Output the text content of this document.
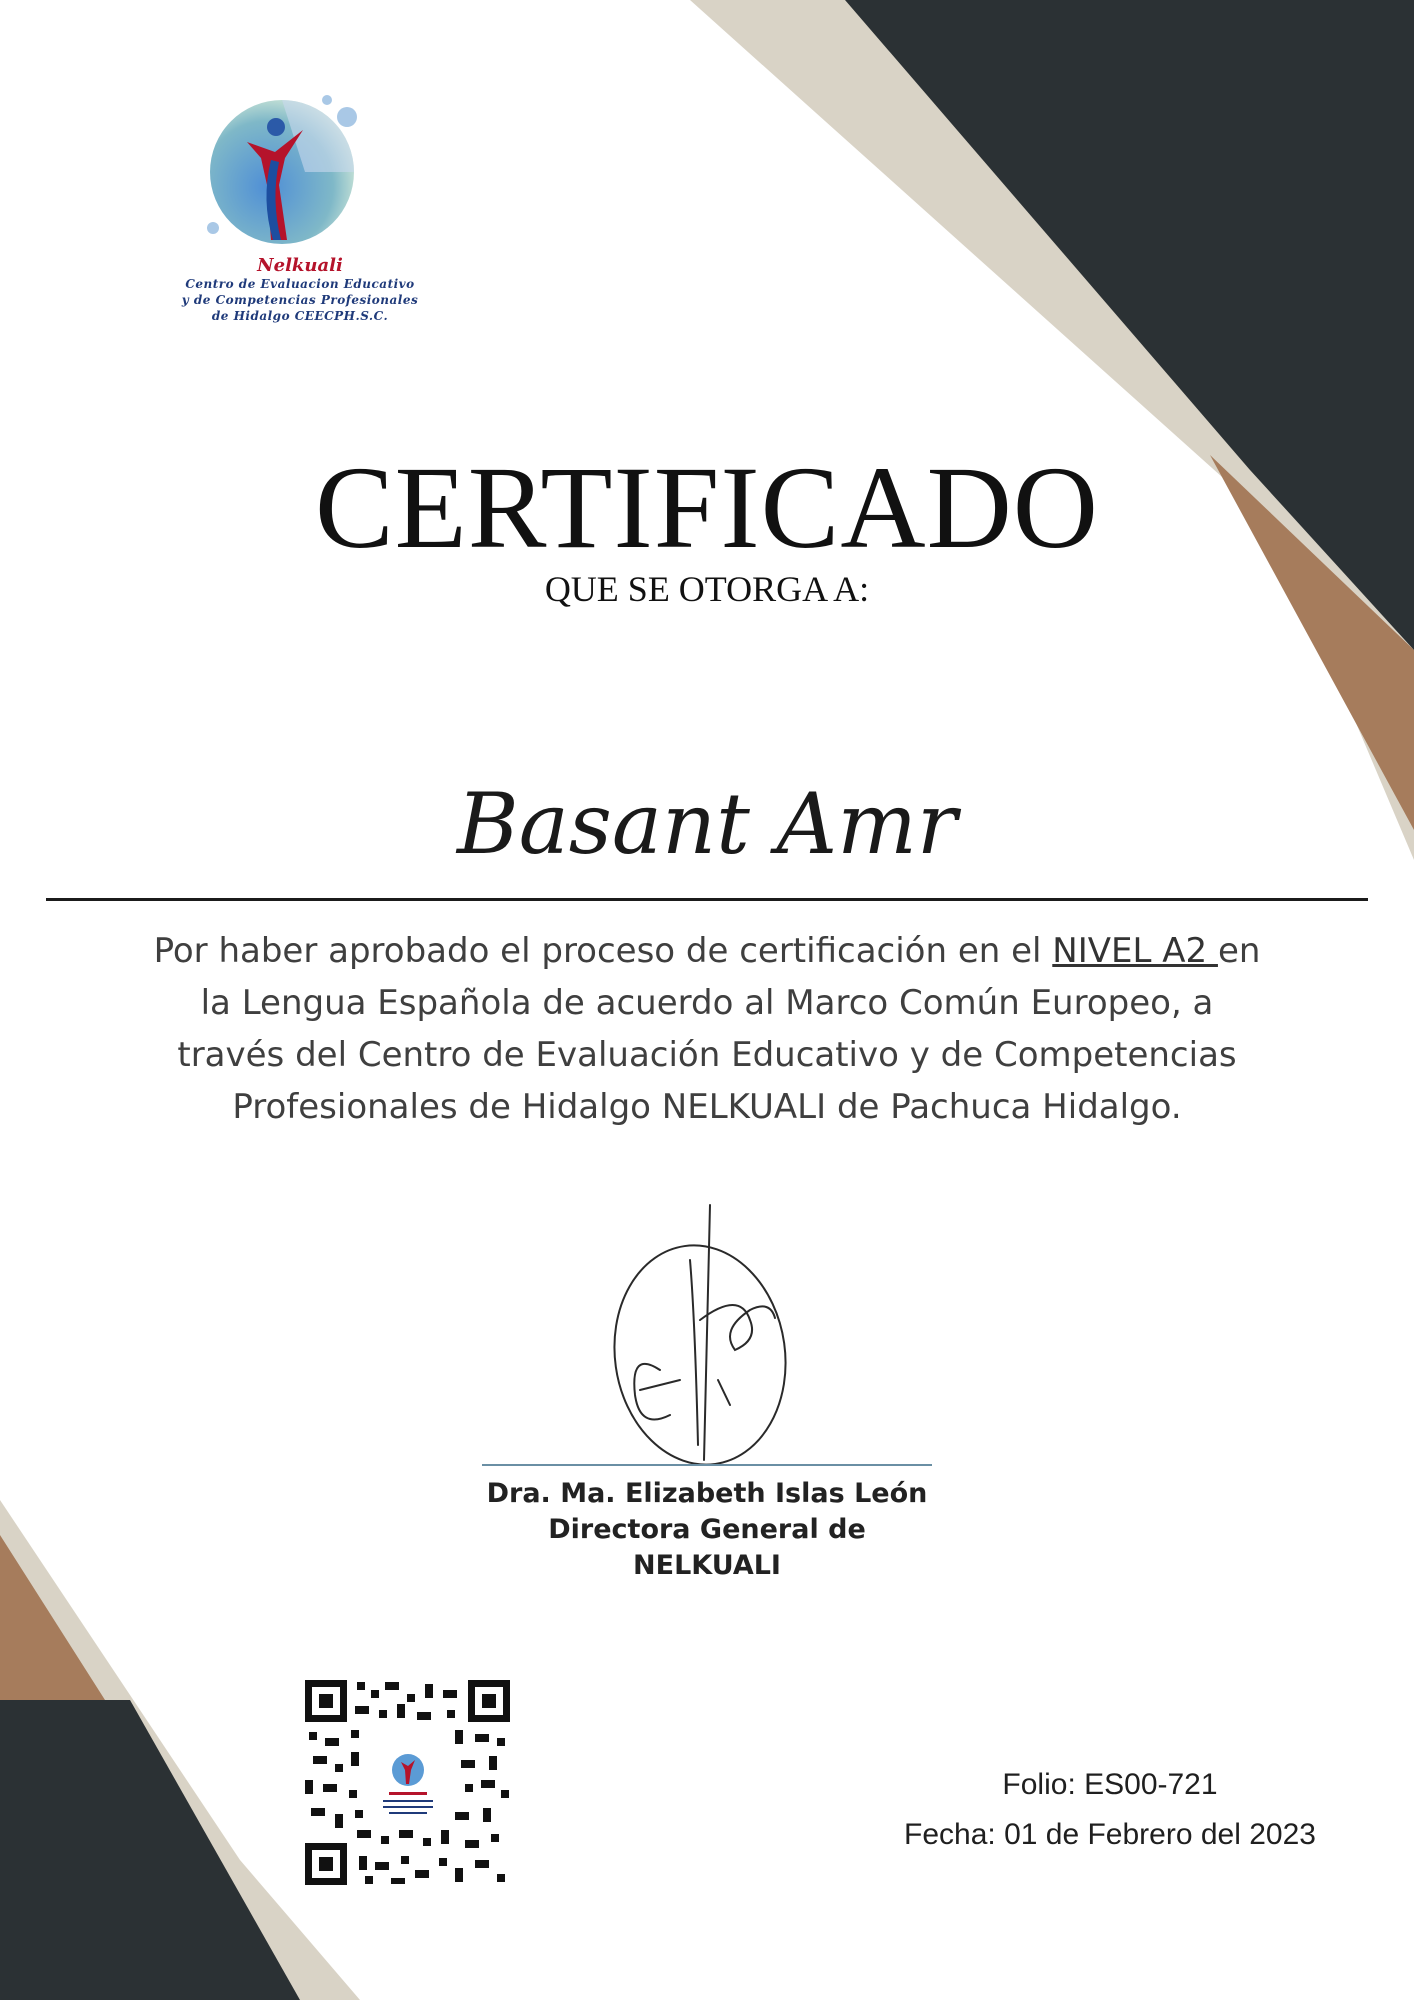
Nelkuali
Centro de Evaluacion Educativo
y de Competencias Profesionales
de Hidalgo CEECPH.S.C.
CERTIFICADO
QUE SE OTORGA A:
Basant Amr
Por haber aprobado el proceso de certificación en el NIVEL A2 en
la Lengua Española de acuerdo al Marco Común Europeo, a
través del Centro de Evaluación Educativo y de Competencias
Profesionales de Hidalgo NELKUALI de Pachuca Hidalgo.
Dra. Ma. Elizabeth Islas León
Directora General de
NELKUALI
Folio: ES00-721
Fecha: 01 de Febrero del 2023
